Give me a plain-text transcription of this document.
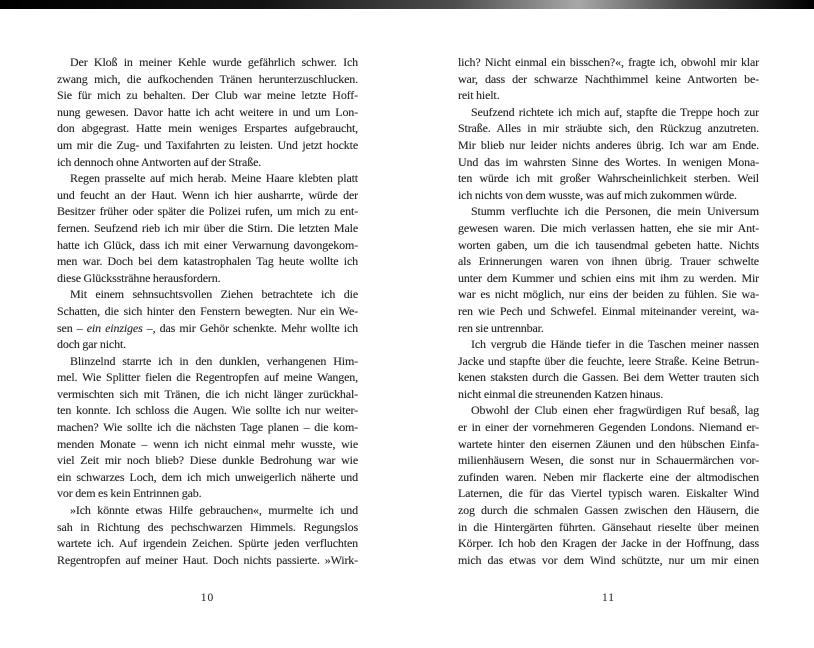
Der Kloß in meiner Kehle wurde gefährlich schwer. Ich
zwang mich, die aufkochenden Tränen herunterzuschlucken.
Sie für mich zu behalten. Der Club war meine letzte Hoff-
nung gewesen. Davor hatte ich acht weitere in und um Lon-
don abgegrast. Hatte mein weniges Erspartes aufgebraucht,
um mir die Zug- und Taxifahrten zu leisten. Und jetzt hockte
ich dennoch ohne Antworten auf der Straße.
Regen prasselte auf mich herab. Meine Haare klebten platt
und feucht an der Haut. Wenn ich hier ausharrte, würde der
Besitzer früher oder später die Polizei rufen, um mich zu ent-
fernen. Seufzend rieb ich mir über die Stirn. Die letzten Male
hatte ich Glück, dass ich mit einer Verwarnung davongekom-
men war. Doch bei dem katastrophalen Tag heute wollte ich
diese Glückssträhne herausfordern.
Mit einem sehnsuchtsvollen Ziehen betrachtete ich die
Schatten, die sich hinter den Fenstern bewegten. Nur ein We-
sen – ein einziges –, das mir Gehör schenkte. Mehr wollte ich
doch gar nicht.
Blinzelnd starrte ich in den dunklen, verhangenen Him-
mel. Wie Splitter fielen die Regentropfen auf meine Wangen,
vermischten sich mit Tränen, die ich nicht länger zurückhal-
ten konnte. Ich schloss die Augen. Wie sollte ich nur weiter-
machen? Wie sollte ich die nächsten Tage planen – die kom-
menden Monate – wenn ich nicht einmal mehr wusste, wie
viel Zeit mir noch blieb? Diese dunkle Bedrohung war wie
ein schwarzes Loch, dem ich mich unweigerlich näherte und
vor dem es kein Entrinnen gab.
»Ich könnte etwas Hilfe gebrauchen«, murmelte ich und
sah in Richtung des pechschwarzen Himmels. Regungslos
wartete ich. Auf irgendein Zeichen. Spürte jeden verfluchten
Regentropfen auf meiner Haut. Doch nichts passierte. »Wirk-
10
lich? Nicht einmal ein bisschen?«, fragte ich, obwohl mir klar
war, dass der schwarze Nachthimmel keine Antworten be-
reit hielt.
Seufzend richtete ich mich auf, stapfte die Treppe hoch zur
Straße. Alles in mir sträubte sich, den Rückzug anzutreten.
Mir blieb nur leider nichts anderes übrig. Ich war am Ende.
Und das im wahrsten Sinne des Wortes. In wenigen Mona-
ten würde ich mit großer Wahrscheinlichkeit sterben. Weil
ich nichts von dem wusste, was auf mich zukommen würde.
Stumm verfluchte ich die Personen, die mein Universum
gewesen waren. Die mich verlassen hatten, ehe sie mir Ant-
worten gaben, um die ich tausendmal gebeten hatte. Nichts
als Erinnerungen waren von ihnen übrig. Trauer schwelte
unter dem Kummer und schien eins mit ihm zu werden. Mir
war es nicht möglich, nur eins der beiden zu fühlen. Sie wa-
ren wie Pech und Schwefel. Einmal miteinander vereint, wa-
ren sie untrennbar.
Ich vergrub die Hände tiefer in die Taschen meiner nassen
Jacke und stapfte über die feuchte, leere Straße. Keine Betrun-
kenen staksten durch die Gassen. Bei dem Wetter trauten sich
nicht einmal die streunenden Katzen hinaus.
Obwohl der Club einen eher fragwürdigen Ruf besaß, lag
er in einer der vornehmeren Gegenden Londons. Niemand er-
wartete hinter den eisernen Zäunen und den hübschen Einfa-
milienhäusern Wesen, die sonst nur in Schauermärchen vor-
zufinden waren. Neben mir flackerte eine der altmodischen
Laternen, die für das Viertel typisch waren. Eiskalter Wind
zog durch die schmalen Gassen zwischen den Häusern, die
in die Hintergärten führten. Gänsehaut rieselte über meinen
Körper. Ich hob den Kragen der Jacke in der Hoffnung, dass
mich das etwas vor dem Wind schützte, nur um mir einen
11
